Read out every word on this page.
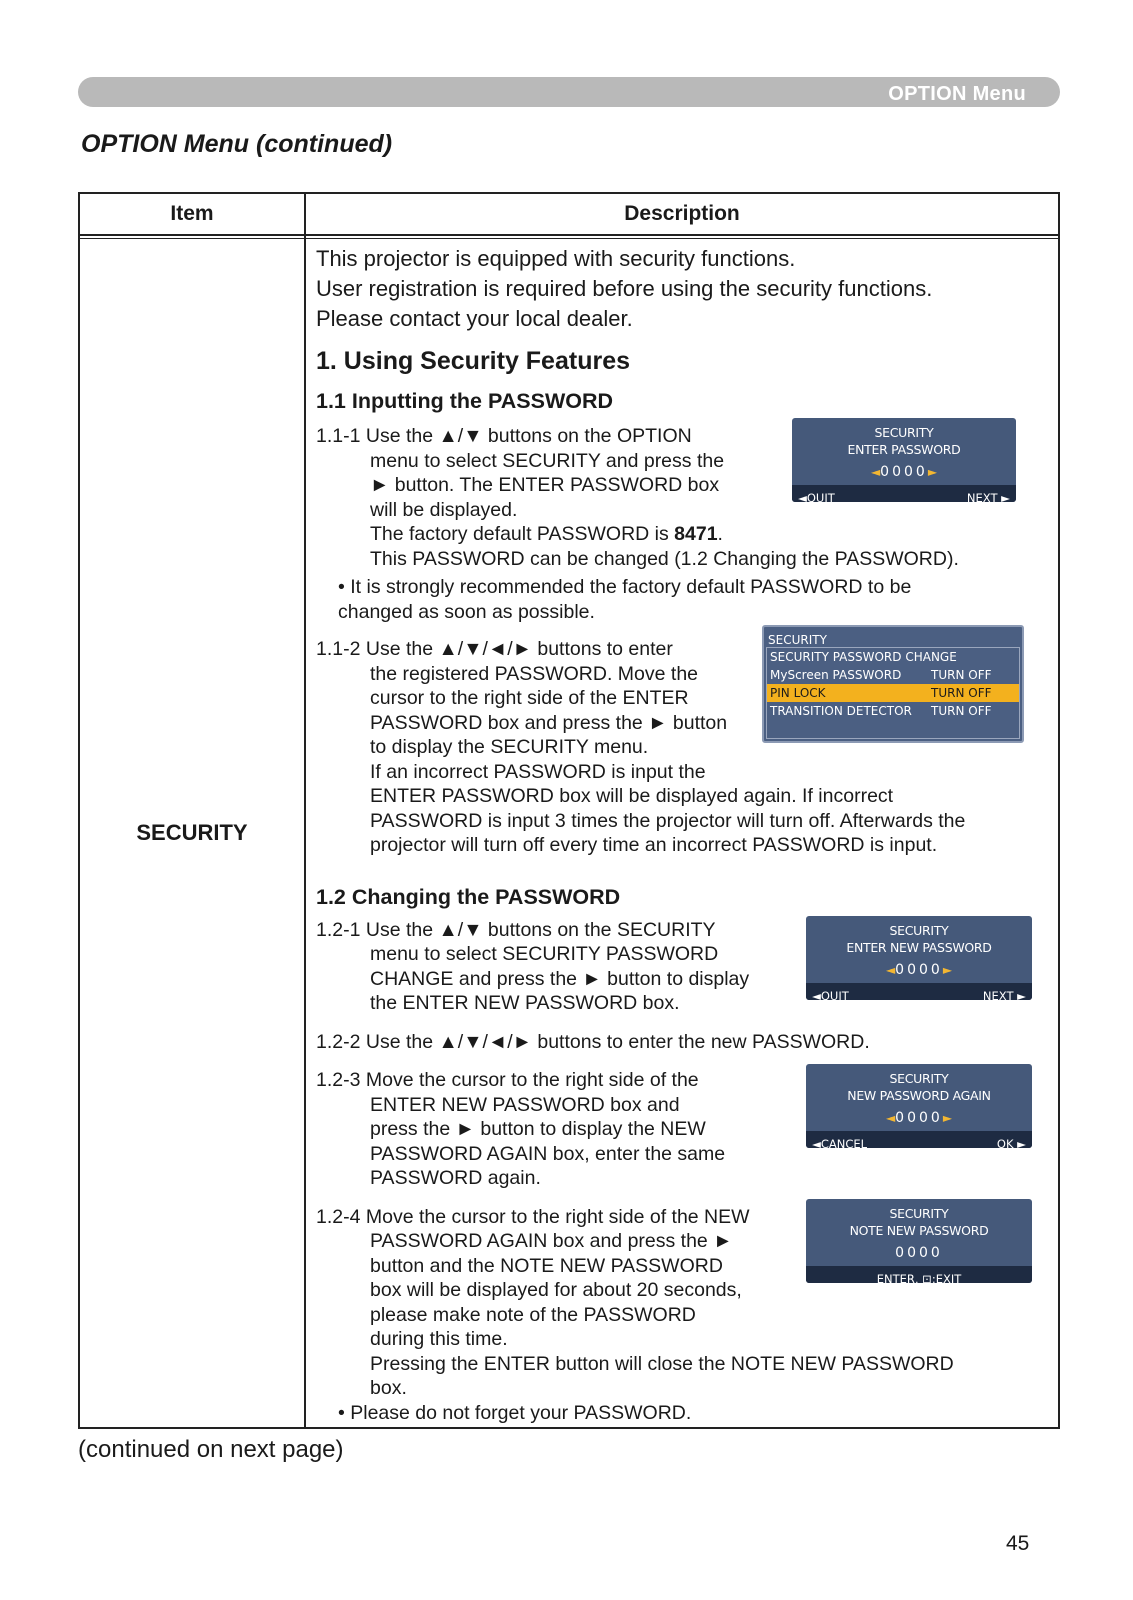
OPTION Menu
OPTION Menu (continued)
Item	Description
SECURITY

This projector is equipped with security functions.

User registration is required before using the security functions.

Please contact your local dealer.

1. Using Security Features
1.1 Inputting the PASSWORD
1.1-1 Use the ▲/▼ buttons on the OPTION
menu to select SECURITY and press the
► button. The ENTER PASSWORD box
will be displayed.
The factory default PASSWORD is 8471.
This PASSWORD can be changed (1.2 Changing the PASSWORD).
SECURITY
ENTER PASSWORD
◄0000►
◄QUIT	NEXT ►
• It is strongly recommended the factory default PASSWORD to be
changed as soon as possible.
1.1-2 Use the ▲/▼/◄/► buttons to enter
the registered PASSWORD. Move the
cursor to the right side of the ENTER
PASSWORD box and press the ► button
to display the SECURITY menu.
If an incorrect PASSWORD is input the
ENTER PASSWORD box will be displayed again. If incorrect
PASSWORD is input 3 times the projector will turn off. Afterwards the
projector will turn off every time an incorrect PASSWORD is input.
SECURITY
SECURITY PASSWORD CHANGE
MyScreen PASSWORD TURN OFF
PIN LOCK	TURN OFF
TRANSITION DETECTOR TURN OFF
1.2 Changing the PASSWORD
1.2-1 Use the ▲/▼ buttons on the SECURITY
menu to select SECURITY PASSWORD
CHANGE and press the ► button to display
the ENTER NEW PASSWORD box.
SECURITY
ENTER NEW PASSWORD
◄0000►
◄QUIT	NEXT ►
1.2-2 Use the ▲/▼/◄/► buttons to enter the new PASSWORD.
1.2-3 Move the cursor to the right side of the
ENTER NEW PASSWORD box and
press the ► button to display the NEW
PASSWORD AGAIN box, enter the same
PASSWORD again.
SECURITY
NEW PASSWORD AGAIN
◄0000►
◄CANCEL	OK ►
1.2-4 Move the cursor to the right side of the NEW
PASSWORD AGAIN box and press the ►
button and the NOTE NEW PASSWORD
box will be displayed for about 20 seconds,
please make note of the PASSWORD
during this time.
Pressing the ENTER button will close the NOTE NEW PASSWORD
box.
SECURITY
NOTE NEW PASSWORD
0000
ENTER, ⊡:EXIT
• Please do not forget your PASSWORD.
(continued on next page)
45
